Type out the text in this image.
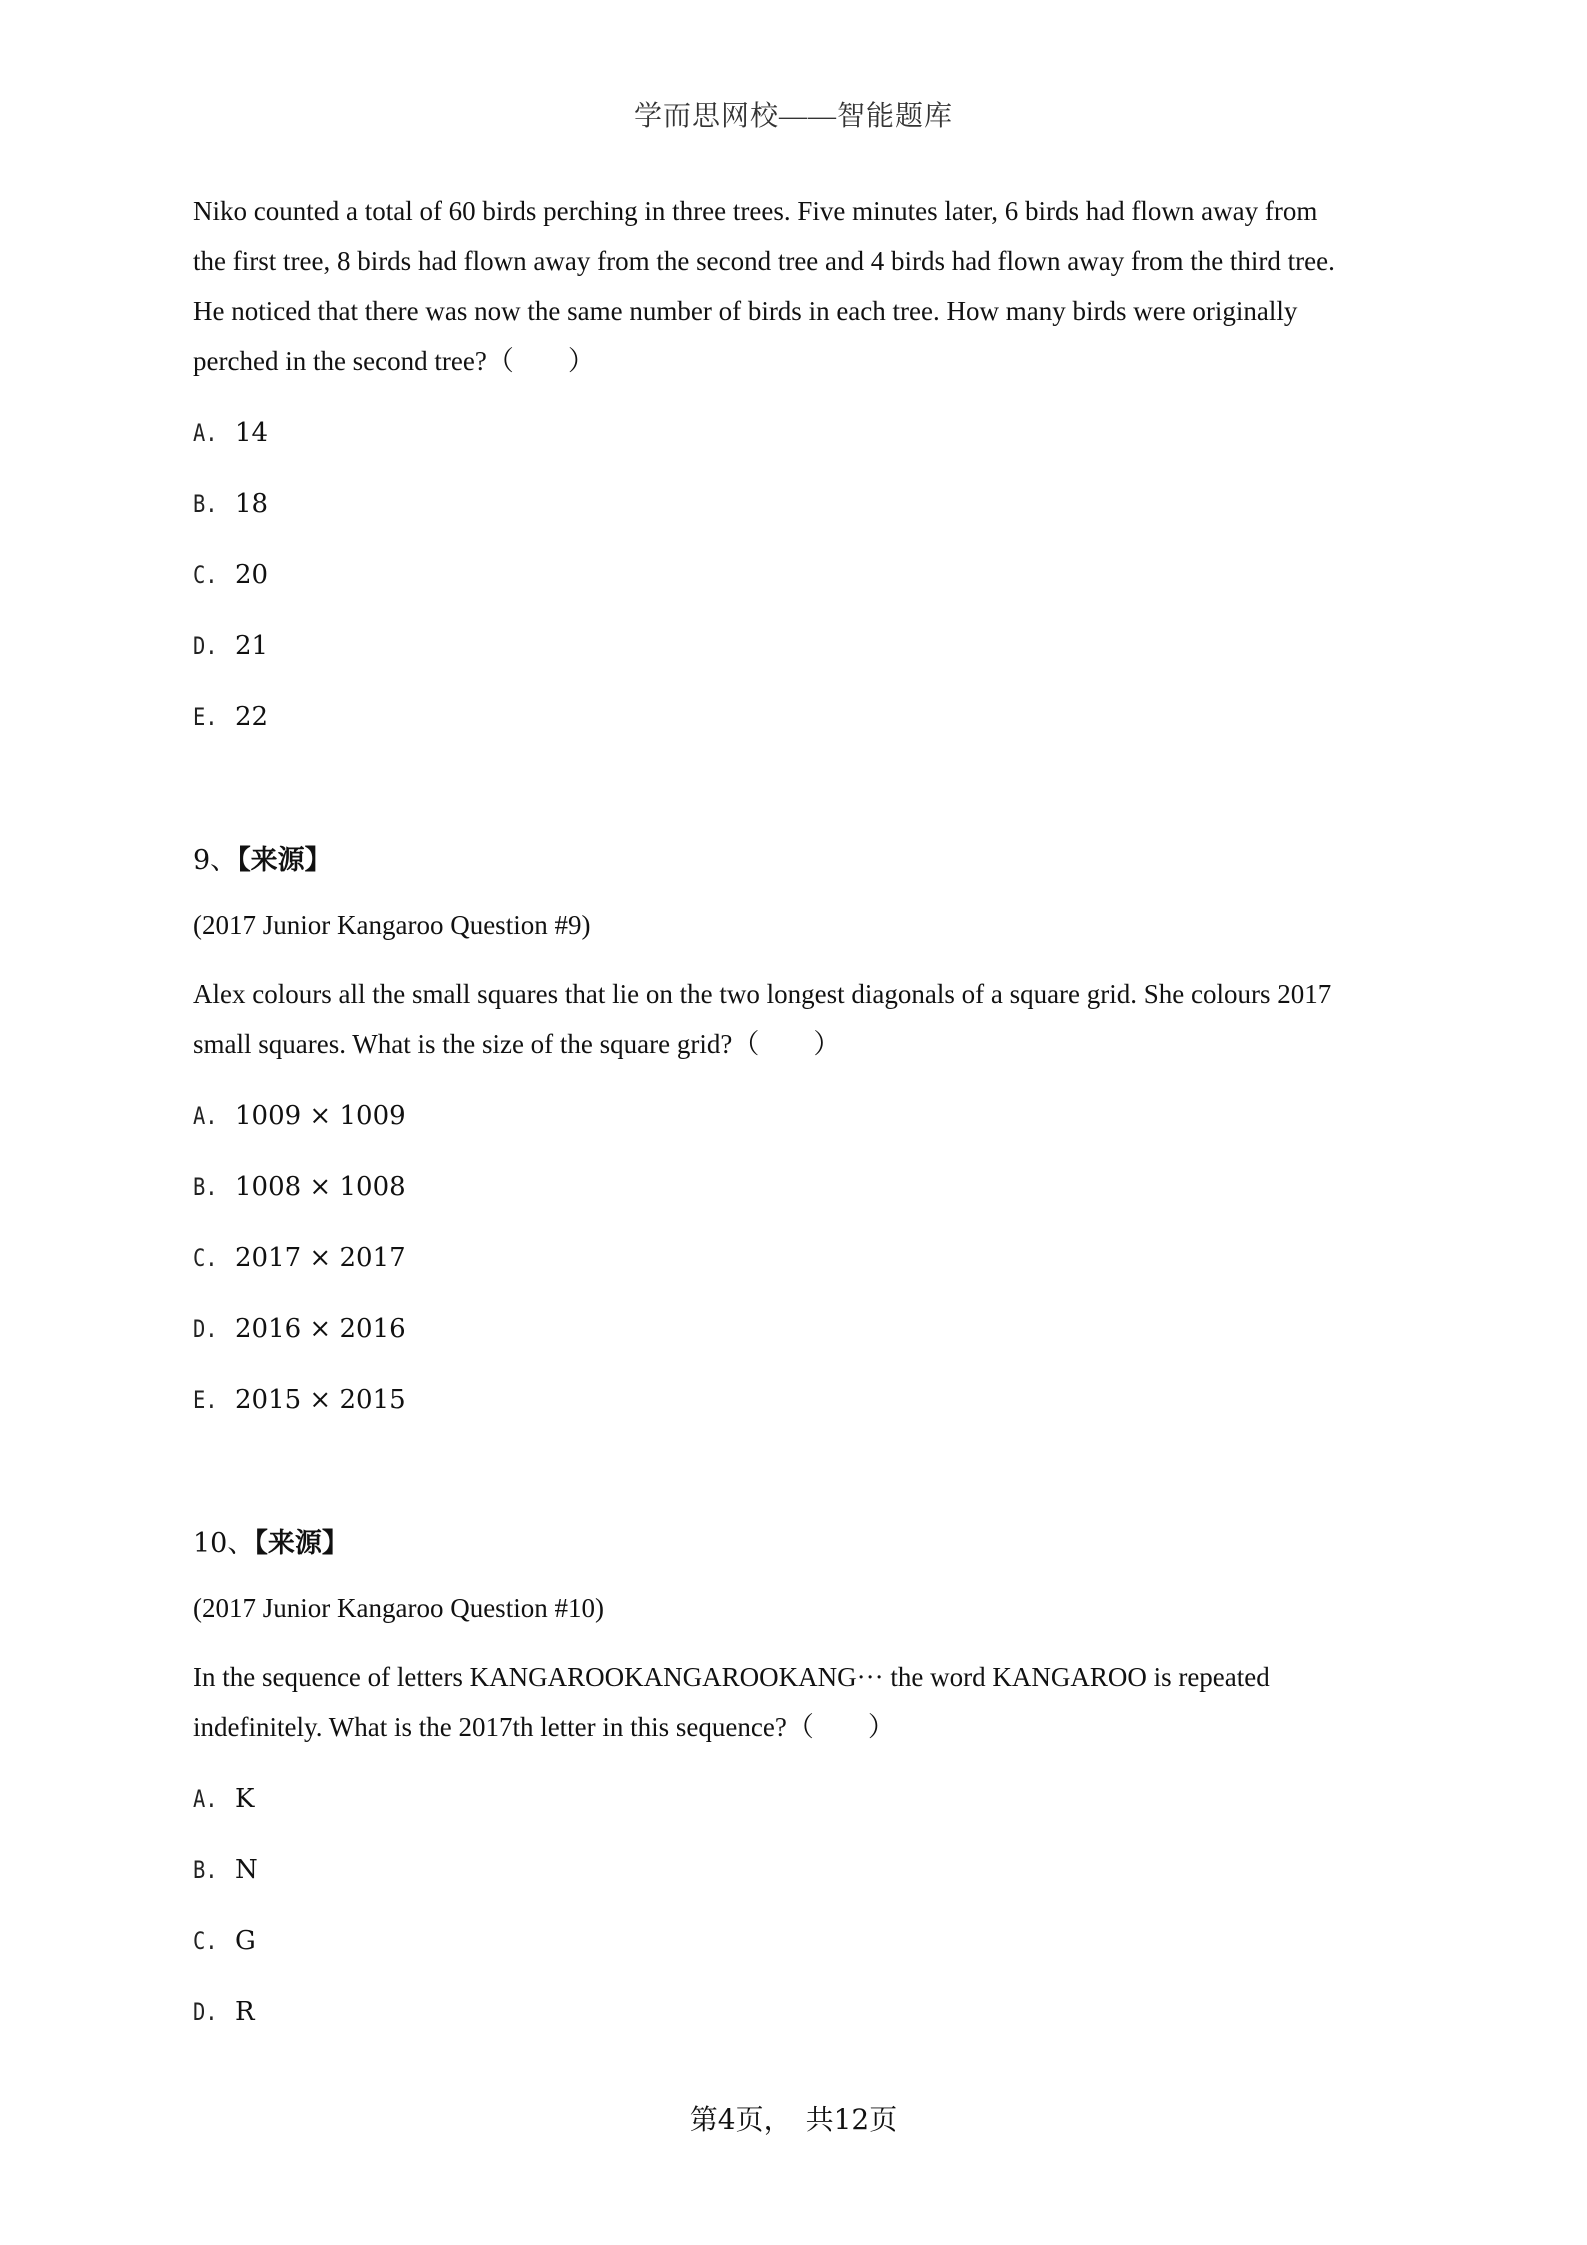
学而思网校——智能题库
Niko counted a total of 60 birds perching in three trees. Five minutes later, 6 birds had flown away from
the first tree, 8 birds had flown away from the second tree and 4 birds had flown away from the third tree.
He noticed that there was now the same number of birds in each tree. How many birds were originally
perched in the second tree?（　　）
A. 14
B. 18
C. 20
D. 21
E. 22
9、【来源】
(2017 Junior Kangaroo Question #9)
Alex colours all the small squares that lie on the two longest diagonals of a square grid. She colours 2017
small squares. What is the size of the square grid?（　　）
A. 1009 × 1009
B. 1008 × 1008
C. 2017 × 2017
D. 2016 × 2016
E. 2015 × 2015
10、【来源】
(2017 Junior Kangaroo Question #10)
In the sequence of letters KANGAROOKANGAROOKANG··· the word KANGAROO is repeated
indefinitely. What is the 2017th letter in this sequence?（　　）
A. K
B. N
C. G
D. R
第4页，　共12页
